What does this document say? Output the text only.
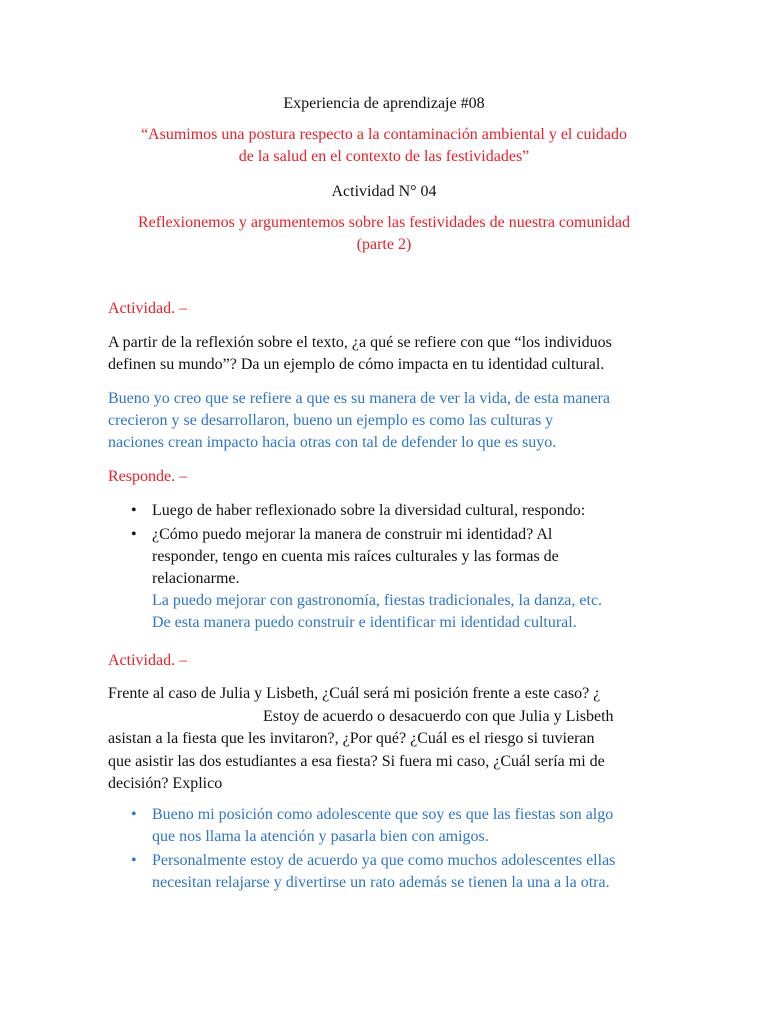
Experiencia de aprendizaje #08
“Asumimos una postura respecto a la contaminación ambiental y el cuidado
de la salud en el contexto de las festividades”
Actividad N° 04
Reflexionemos y argumentemos sobre las festividades de nuestra comunidad
(parte 2)
Actividad. –
A partir de la reflexión sobre el texto, ¿a qué se refiere con que “los individuos
definen su mundo”? Da un ejemplo de cómo impacta en tu identidad cultural.
Bueno yo creo que se refiere a que es su manera de ver la vida, de esta manera
crecieron y se desarrollaron, bueno un ejemplo es como las culturas y
naciones crean impacto hacia otras con tal de defender lo que es suyo.
Responde. –
• Luego de haber reflexionado sobre la diversidad cultural, respondo:
• ¿Cómo puedo mejorar la manera de construir mi identidad? Al
responder, tengo en cuenta mis raíces culturales y las formas de
relacionarme.
La puedo mejorar con gastronomía, fiestas tradicionales, la danza, etc.
De esta manera puedo construir e identificar mi identidad cultural.
Actividad. –
Frente al caso de Julia y Lisbeth, ¿Cuál será mi posición frente a este caso? ¿
Estoy de acuerdo o desacuerdo con que Julia y Lisbeth
asistan a la fiesta que les invitaron?, ¿Por qué? ¿Cuál es el riesgo si tuvieran
que asistir las dos estudiantes a esa fiesta? Si fuera mi caso, ¿Cuál sería mi de
decisión? Explico
• Bueno mi posición como adolescente que soy es que las fiestas son algo
que nos llama la atención y pasarla bien con amigos.
• Personalmente estoy de acuerdo ya que como muchos adolescentes ellas
necesitan relajarse y divertirse un rato además se tienen la una a la otra.
